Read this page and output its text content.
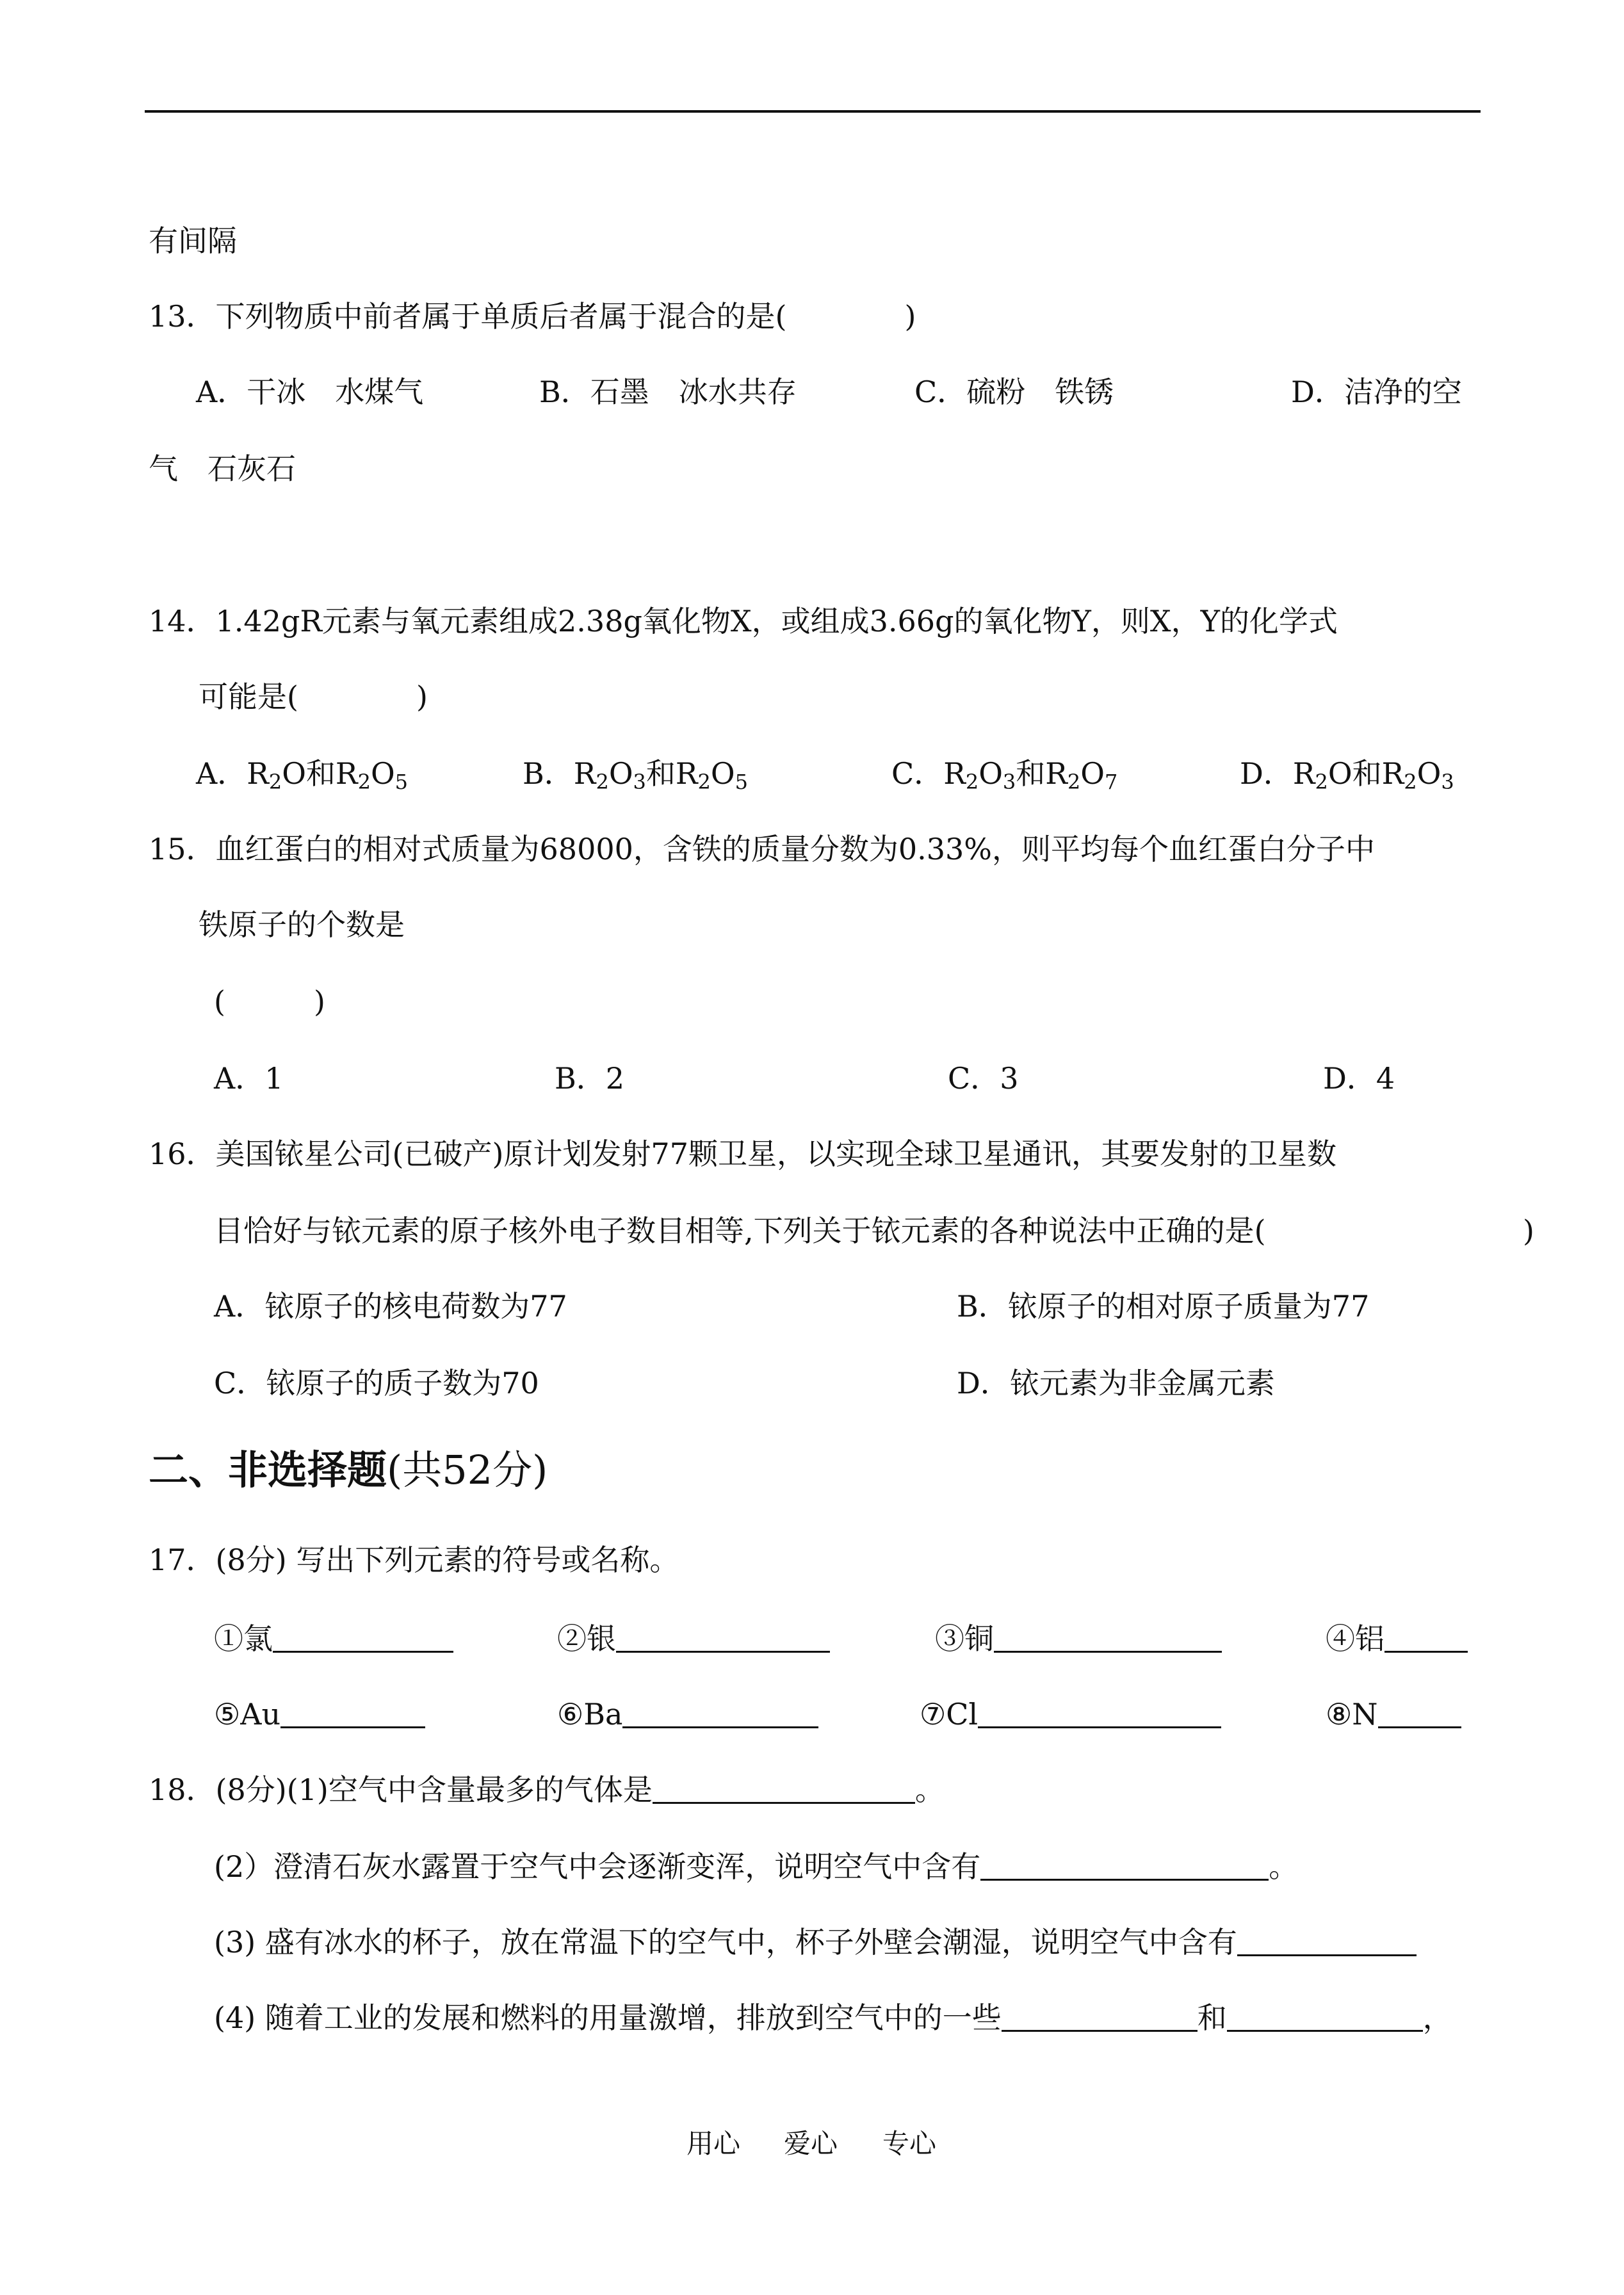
有间隔
13．下列物质中前者属于单质后者属于混合的是(　　　　)
A．干冰　水煤气	B．石墨　冰水共存	C．硫粉　铁锈	D．洁净的空
气　石灰石
14．1.42gR元素与氧元素组成2.38g氧化物X，或组成3.66g的氧化物Y，则X，Y的化学式
可能是(　　　　)
A．$R_2O$和$R_2O_5$	B．$R_2O_3$和$R_2O_5$	C．$R_2O_3$和$R_2O_7$	D．$R_2O$和$R_2O_3$
15．血红蛋白的相对式质量为68000，含铁的质量分数为0.33%，则平均每个血红蛋白分子中
铁原子的个数是
(　　　)
A．1	B．2	C．3	D．4
16．美国铱星公司(已破产)原计划发射77颗卫星，以实现全球卫星通讯，其要发射的卫星数
目恰好与铱元素的原子核外电子数目相等,下列关于铱元素的各种说法中正确的是(	)
A．铱原子的核电荷数为77	B．铱原子的相对原子质量为77
C．铱原子的质子数为70	D．铱元素为非金属元素
二、非选择题(共52分)
17．(8分) 写出下列元素的符号或名称。
①氯	②银	③铜	④铝
⑤Au	⑥Ba	⑦Cl	⑧N
18．(8分)(1)空气中含量最多的气体是	。
(2）澄清石灰水露置于空气中会逐渐变浑，说明空气中含有	。
(3) 盛有冰水的杯子，放在常温下的空气中，杯子外壁会潮湿，说明空气中含有
(4) 随着工业的发展和燃料的用量激增，排放到空气中的一些	和	，
用心 爱心 专心
